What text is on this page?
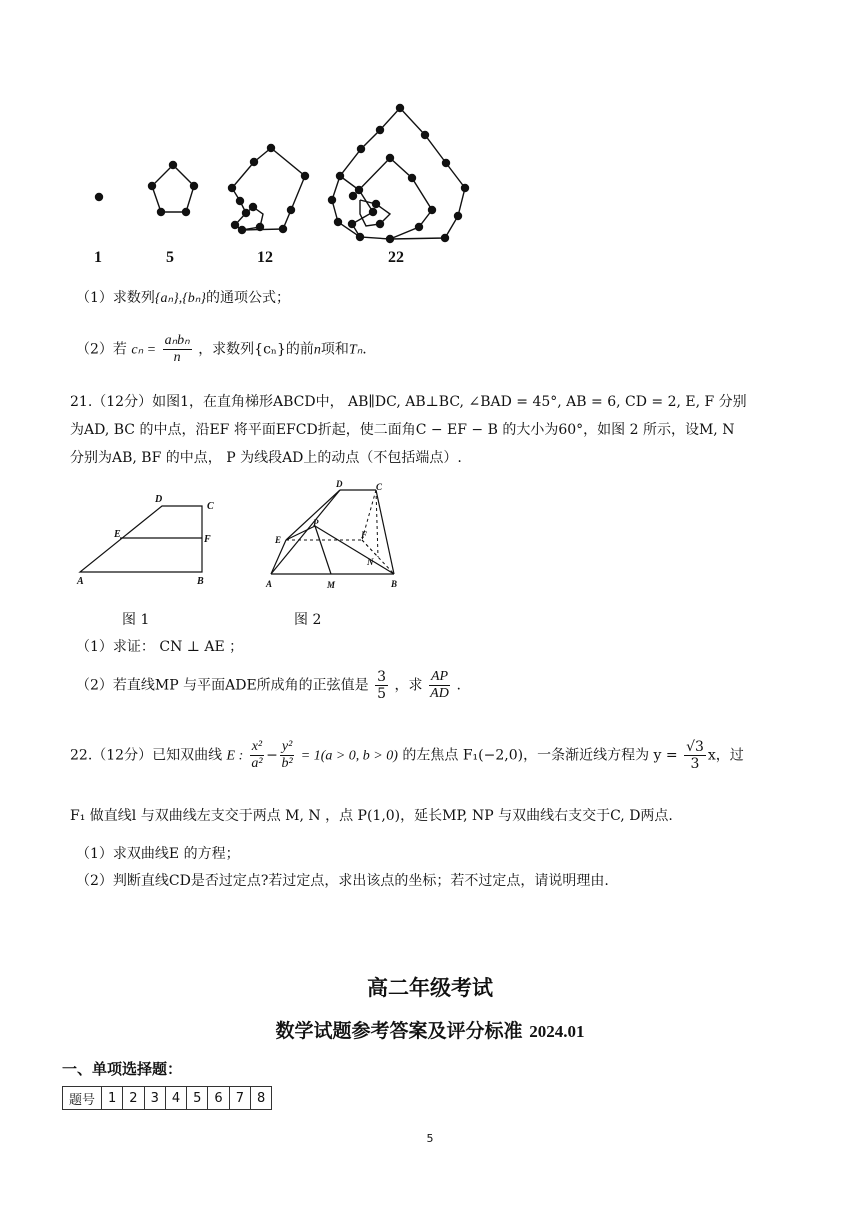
1	5	12	22
（1）求数列{aₙ},{bₙ}的通项公式；
（2）若 $c_n = \frac{\text{aₙbₙ}}{n}$ ，求数列{cₙ}的前n项和Tₙ.
21.（12分）如图1，在直角梯形ABCD中， AB∥DC, AB⊥BC, ∠BAD = 45°, AB = 6, CD = 2, E, F 分别
为AD, BC 的中点，沿EF 将平面EFCD折起，使二面角C − EF − B 的大小为60°，如图 2 所示，设M, N
分别为AB, BF 的中点， P 为线段AD上的动点（不包括端点）.
D
C
E	F
A	B
D	C
P
E	F
N
A	M	B
图 1	图 2
（1）求证： CN ⊥ AE ；
（2）若直线MP 与平面ADE所成角的正弦值是 $\frac{3}{5}$ ，求 $\frac{AP}{AD}$ .
22.（12分）已知双曲线 E : $\frac{\text{x²}}{\text{a²}} - \frac{\text{y²}}{\text{b²}} = 1(a > 0$, b > 0) 的左焦点 F₁(−2,0)，一条渐近线方程为 $y = \frac{√3}{3}$ x，过
F₁ 做直线l 与双曲线左支交于两点 M, N ，点 P(1,0)，延长MP, NP 与双曲线右支交于C, D两点.
（1）求双曲线E 的方程；
（2）判断直线CD是否过定点?若过定点，求出该点的坐标；若不过定点，请说明理由.
高二年级考试
数学试题参考答案及评分标准 2024.01
一、单项选择题：
题号	1	2	3	4	5	6	7	8
5
